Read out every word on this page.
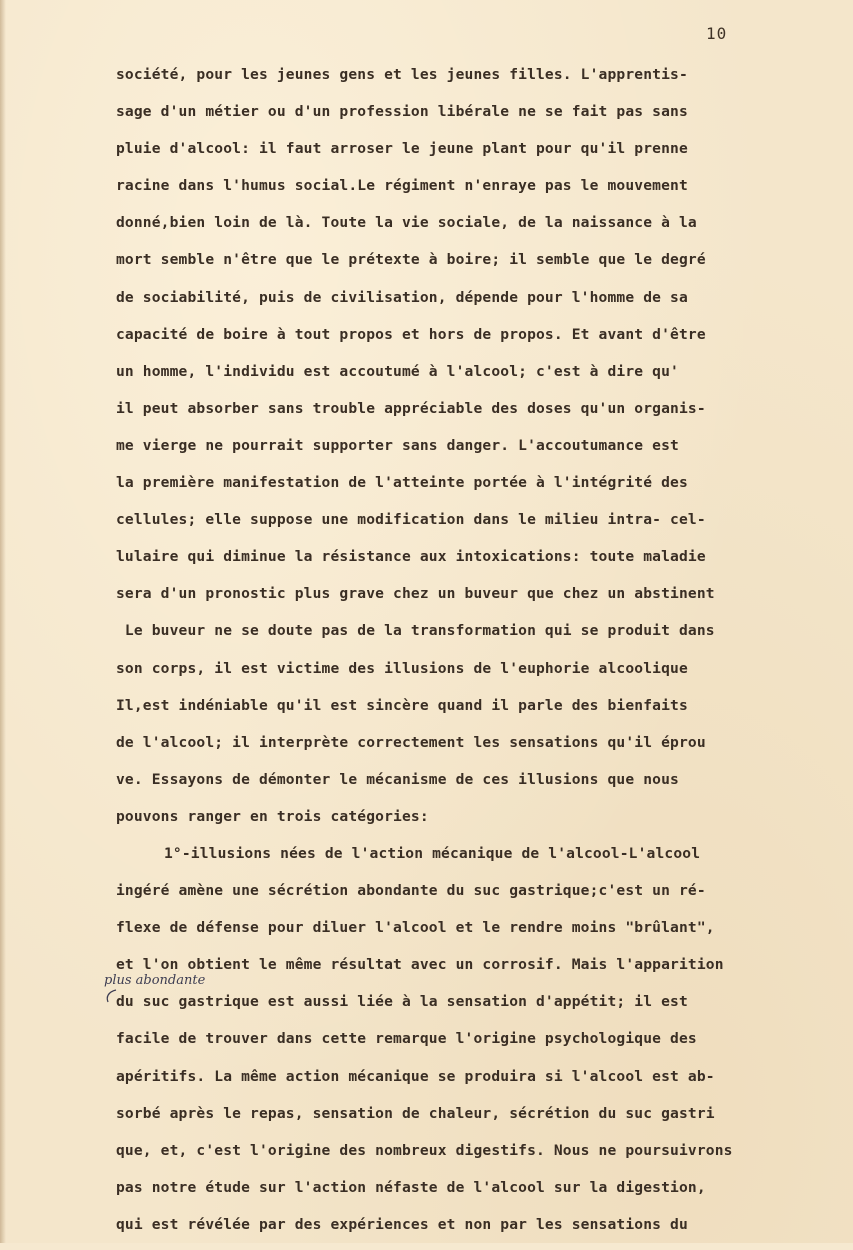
10
société, pour les jeunes gens et les jeunes filles. L'apprentis-
sage d'un métier ou d'un profession libérale ne se fait pas sans
pluie d'alcool: il faut arroser le jeune plant pour qu'il prenne
racine dans l'humus social.Le régiment n'enraye pas le mouvement
donné,bien loin de là. Toute la vie sociale, de la naissance à la
mort semble n'être que le prétexte à boire; il semble que le degré
de sociabilité, puis de civilisation, dépende pour l'homme de sa
capacité de boire à tout propos et hors de propos. Et avant d'être
un homme, l'individu est accoutumé à l'alcool; c'est à dire qu'
il peut absorber sans trouble appréciable des doses qu'un organis-
me vierge ne pourrait supporter sans danger. L'accoutumance est
la première manifestation de l'atteinte portée à l'intégrité des
cellules; elle suppose une modification dans le milieu intra- cel-
lulaire qui diminue la résistance aux intoxications: toute maladie
sera d'un pronostic plus grave chez un buveur que chez un abstinent
Le buveur ne se doute pas de la transformation qui se produit dans
son corps, il est victime des illusions de l'euphorie alcoolique
Il,est indéniable qu'il est sincère quand il parle des bienfaits
de l'alcool; il interprète correctement les sensations qu'il éprou
ve. Essayons de démonter le mécanisme de ces illusions que nous
pouvons ranger en trois catégories:
1°-illusions nées de l'action mécanique de l'alcool-L'alcool
ingéré amène une sécrétion abondante du suc gastrique;c'est un ré-
flexe de défense pour diluer l'alcool et le rendre moins "brûlant",
et l'on obtient le même résultat avec un corrosif. Mais l'apparition
du suc gastrique est aussi liée à la sensation d'appétit; il est
facile de trouver dans cette remarque l'origine psychologique des
apéritifs. La même action mécanique se produira si l'alcool est ab-
sorbé après le repas, sensation de chaleur, sécrétion du suc gastri
que, et, c'est l'origine des nombreux digestifs. Nous ne poursuivrons
pas notre étude sur l'action néfaste de l'alcool sur la digestion,
qui est révélée par des expériences et non par les sensations du
plus abondante
